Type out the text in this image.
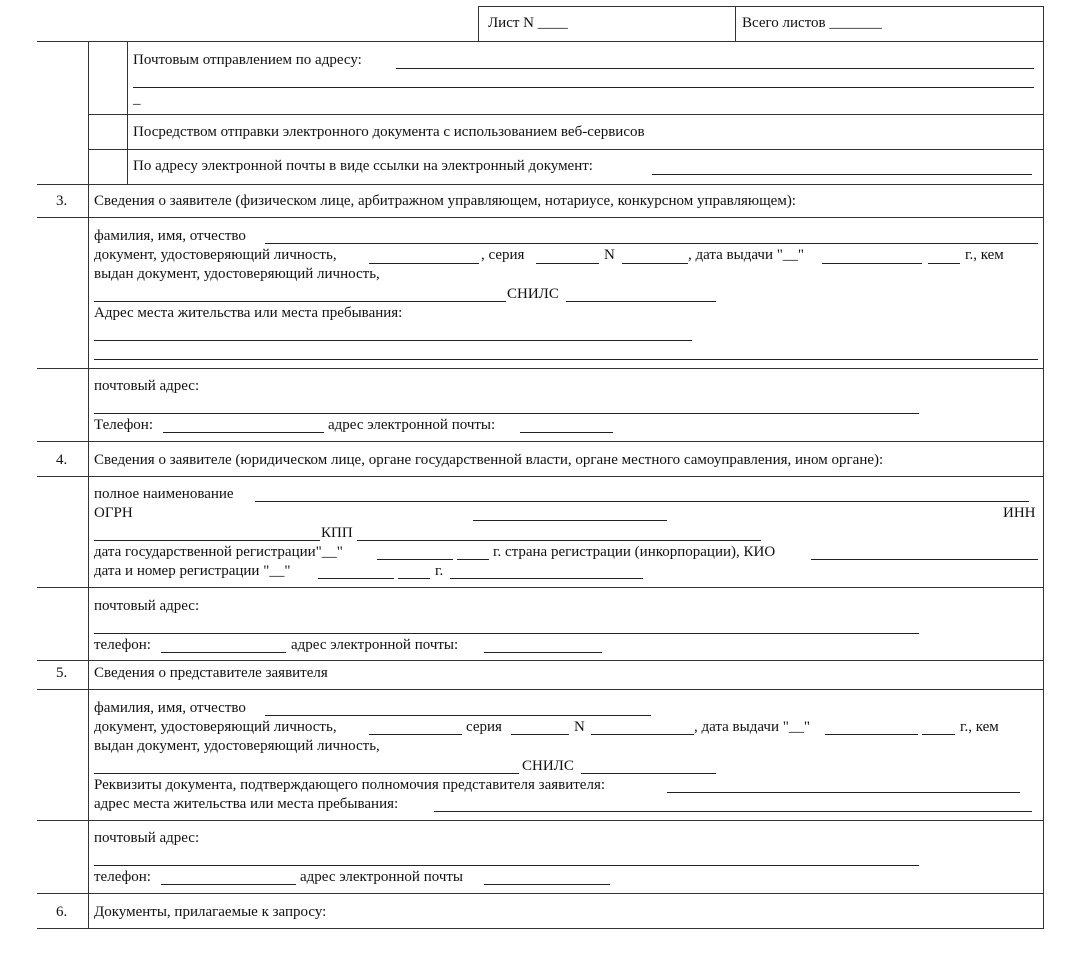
Лист N ____	Всего листов _______
Почтовым отправлением по адресу:
_
Посредством отправки электронного документа с использованием веб-сервисов
По адресу электронной почты в виде ссылки на электронный документ:
3. Сведения о заявителе (физическом лице, арбитражном управляющем, нотариусе, конкурсном управляющем):
фамилия, имя, отчество
документ, удостоверяющий личность,	, серия	N	, дата выдачи "__"	г., кем
выдан документ, удостоверяющий личность,
СНИЛС
Адрес места жительства или места пребывания:
почтовый адрес:
Телефон:	адрес электронной почты:
4. Сведения о заявителе (юридическом лице, органе государственной власти, органе местного самоуправления, ином органе):
полное наименование
ОГРН	ИНН
КПП
дата государственной регистрации"__"	г. страна регистрации (инкорпорации), КИО
дата и номер регистрации "__"	г.
почтовый адрес:
телефон:	адрес электронной почты:
5. Сведения о представителе заявителя
фамилия, имя, отчество
документ, удостоверяющий личность,	серия	N	, дата выдачи "__"	г., кем
выдан документ, удостоверяющий личность,
СНИЛС
Реквизиты документа, подтверждающего полномочия представителя заявителя:
адрес места жительства или места пребывания:
почтовый адрес:
телефон:	адрес электронной почты
6. Документы, прилагаемые к запросу:
